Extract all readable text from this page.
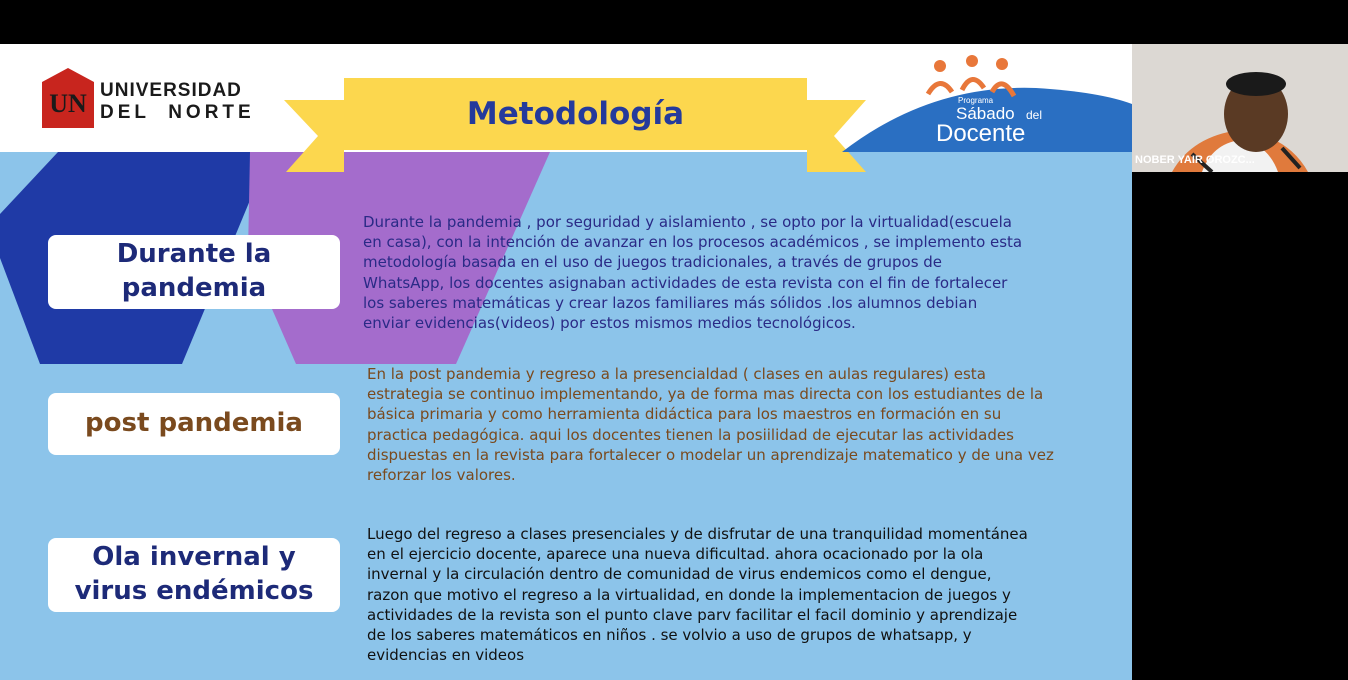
UN UNIVERSIDAD
DEL  NORTE	Metodología	Programa
Sábado del
Docente
Durante la
pandemia
Durante la pandemia , por seguridad y aislamiento , se opto por la virtualidad(escuela
en casa), con la intención de avanzar en los procesos académicos , se implemento esta
metodología basada en el uso de juegos tradicionales, a través de grupos de
WhatsApp, los docentes asignaban actividades de esta revista con el fin de fortalecer
los saberes matemáticas y crear lazos familiares más sólidos .los alumnos debian
enviar evidencias(videos) por estos mismos medios tecnológicos.
post pandemia
En la post pandemia y regreso a la presencialdad ( clases en aulas regulares) esta
estrategia se continuo implementando, ya de forma mas directa con los estudiantes de la
básica primaria y como herramienta didáctica para los maestros en formación en su
practica pedagógica. aqui los docentes tienen la posiilidad de ejecutar las actividades
dispuestas en la revista para fortalecer o modelar un aprendizaje matematico y de una vez
reforzar los valores.
Ola invernal y
virus endémicos
Luego del regreso a clases presenciales y de disfrutar de una tranquilidad momentánea
en el ejercicio docente, aparece una nueva dificultad. ahora ocacionado por la ola
invernal y la circulación dentro de comunidad de virus endemicos como el dengue,
razon que motivo el regreso a la virtualidad, en donde la implementacion de juegos y
actividades de la revista son el punto clave parv facilitar el facil dominio y aprendizaje
de los saberes matemáticos en niños . se volvio a uso de grupos de whatsapp, y
evidencias en videos
NOBER YAIR OROZC...
